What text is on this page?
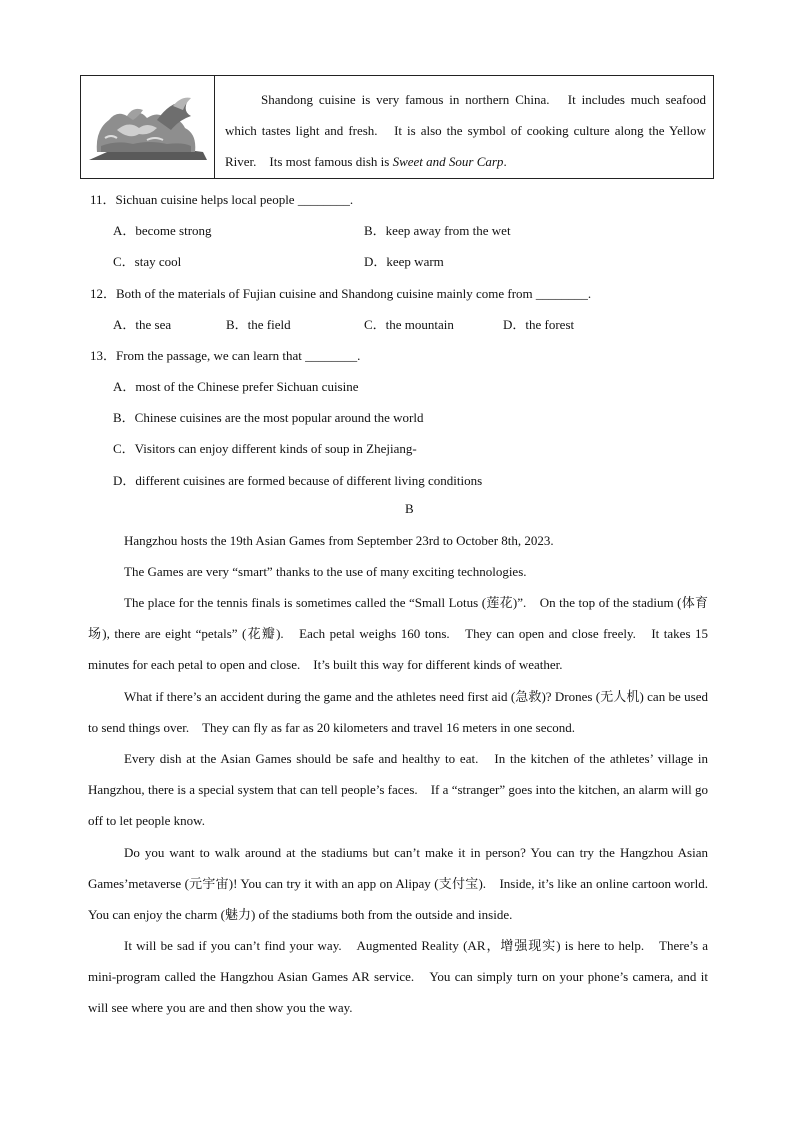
Shandong cuisine is very famous in northern China.　It includes much seafood which tastes light and fresh.　It is also the symbol of cooking culture along the Yellow River.　Its most famous dish is Sweet and Sour Carp.
11．Sichuan cuisine helps local people ________.
A．become strong	B．keep away from the wet
C．stay cool	D．keep warm
12．Both of the materials of Fujian cuisine and Shandong cuisine mainly come from ________.
A．the sea	B．the field	C．the mountain	D．the forest
13．From the passage, we can learn that ________.
A．most of the Chinese prefer Sichuan cuisine
B．Chinese cuisines are the most popular around the world
C．Visitors can enjoy different kinds of soup in Zhejiang-
D．different cuisines are formed because of different living conditions
B
Hangzhou hosts the 19th Asian Games from September 23rd to October 8th, 2023.
The Games are very “smart” thanks to the use of many exciting technologies.
The place for the tennis finals is sometimes called the “Small Lotus (莲花)”.　On the top of the stadium (体育场), there are eight “petals” (花瓣).　Each petal weighs 160 tons.　They can open and close freely.　It takes 15 minutes for each petal to open and close.　It’s built this way for different kinds of weather.
What if there’s an accident during the game and the athletes need first aid (急救)? Drones (无人机) can be used to send things over.　They can fly as far as 20 kilometers and travel 16 meters in one second.
Every dish at the Asian Games should be safe and healthy to eat.　In the kitchen of the athletes’ village in Hangzhou, there is a special system that can tell people’s faces.　If a “stranger” goes into the kitchen, an alarm will go off to let people know.
Do you want to walk around at the stadiums but can’t make it in person? You can try the Hangzhou Asian Games’metaverse (元宇宙)! You can try it with an app on Alipay (支付宝).　Inside, it’s like an online cartoon world.　You can enjoy the charm (魅力) of the stadiums both from the outside and inside.
It will be sad if you can’t find your way.　Augmented Reality (AR，增强现实) is here to help.　There’s a mini-program called the Hangzhou Asian Games AR service.　You can simply turn on your phone’s camera, and it will see where you are and then show you the way.
